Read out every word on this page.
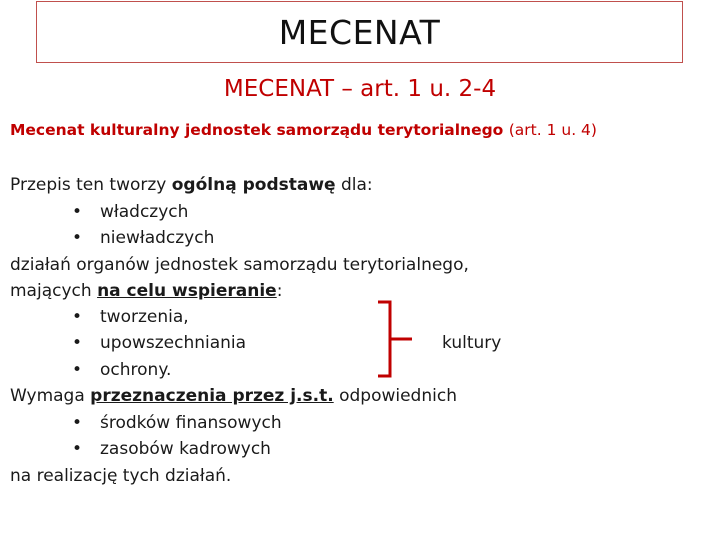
MECENAT
MECENAT – art. 1 u. 2-4
Mecenat kulturalny jednostek samorządu terytorialnego (art. 1 u. 4)
Przepis ten tworzy ogólną podstawę dla:
• władczych
• niewładczych
działań organów jednostek samorządu terytorialnego,
mających na celu wspieranie:
• tworzenia,
• upowszechniania
• ochrony.
kultury
Wymaga przeznaczenia przez j.s.t. odpowiednich
• środków finansowych
• zasobów kadrowych
na realizację tych działań.
